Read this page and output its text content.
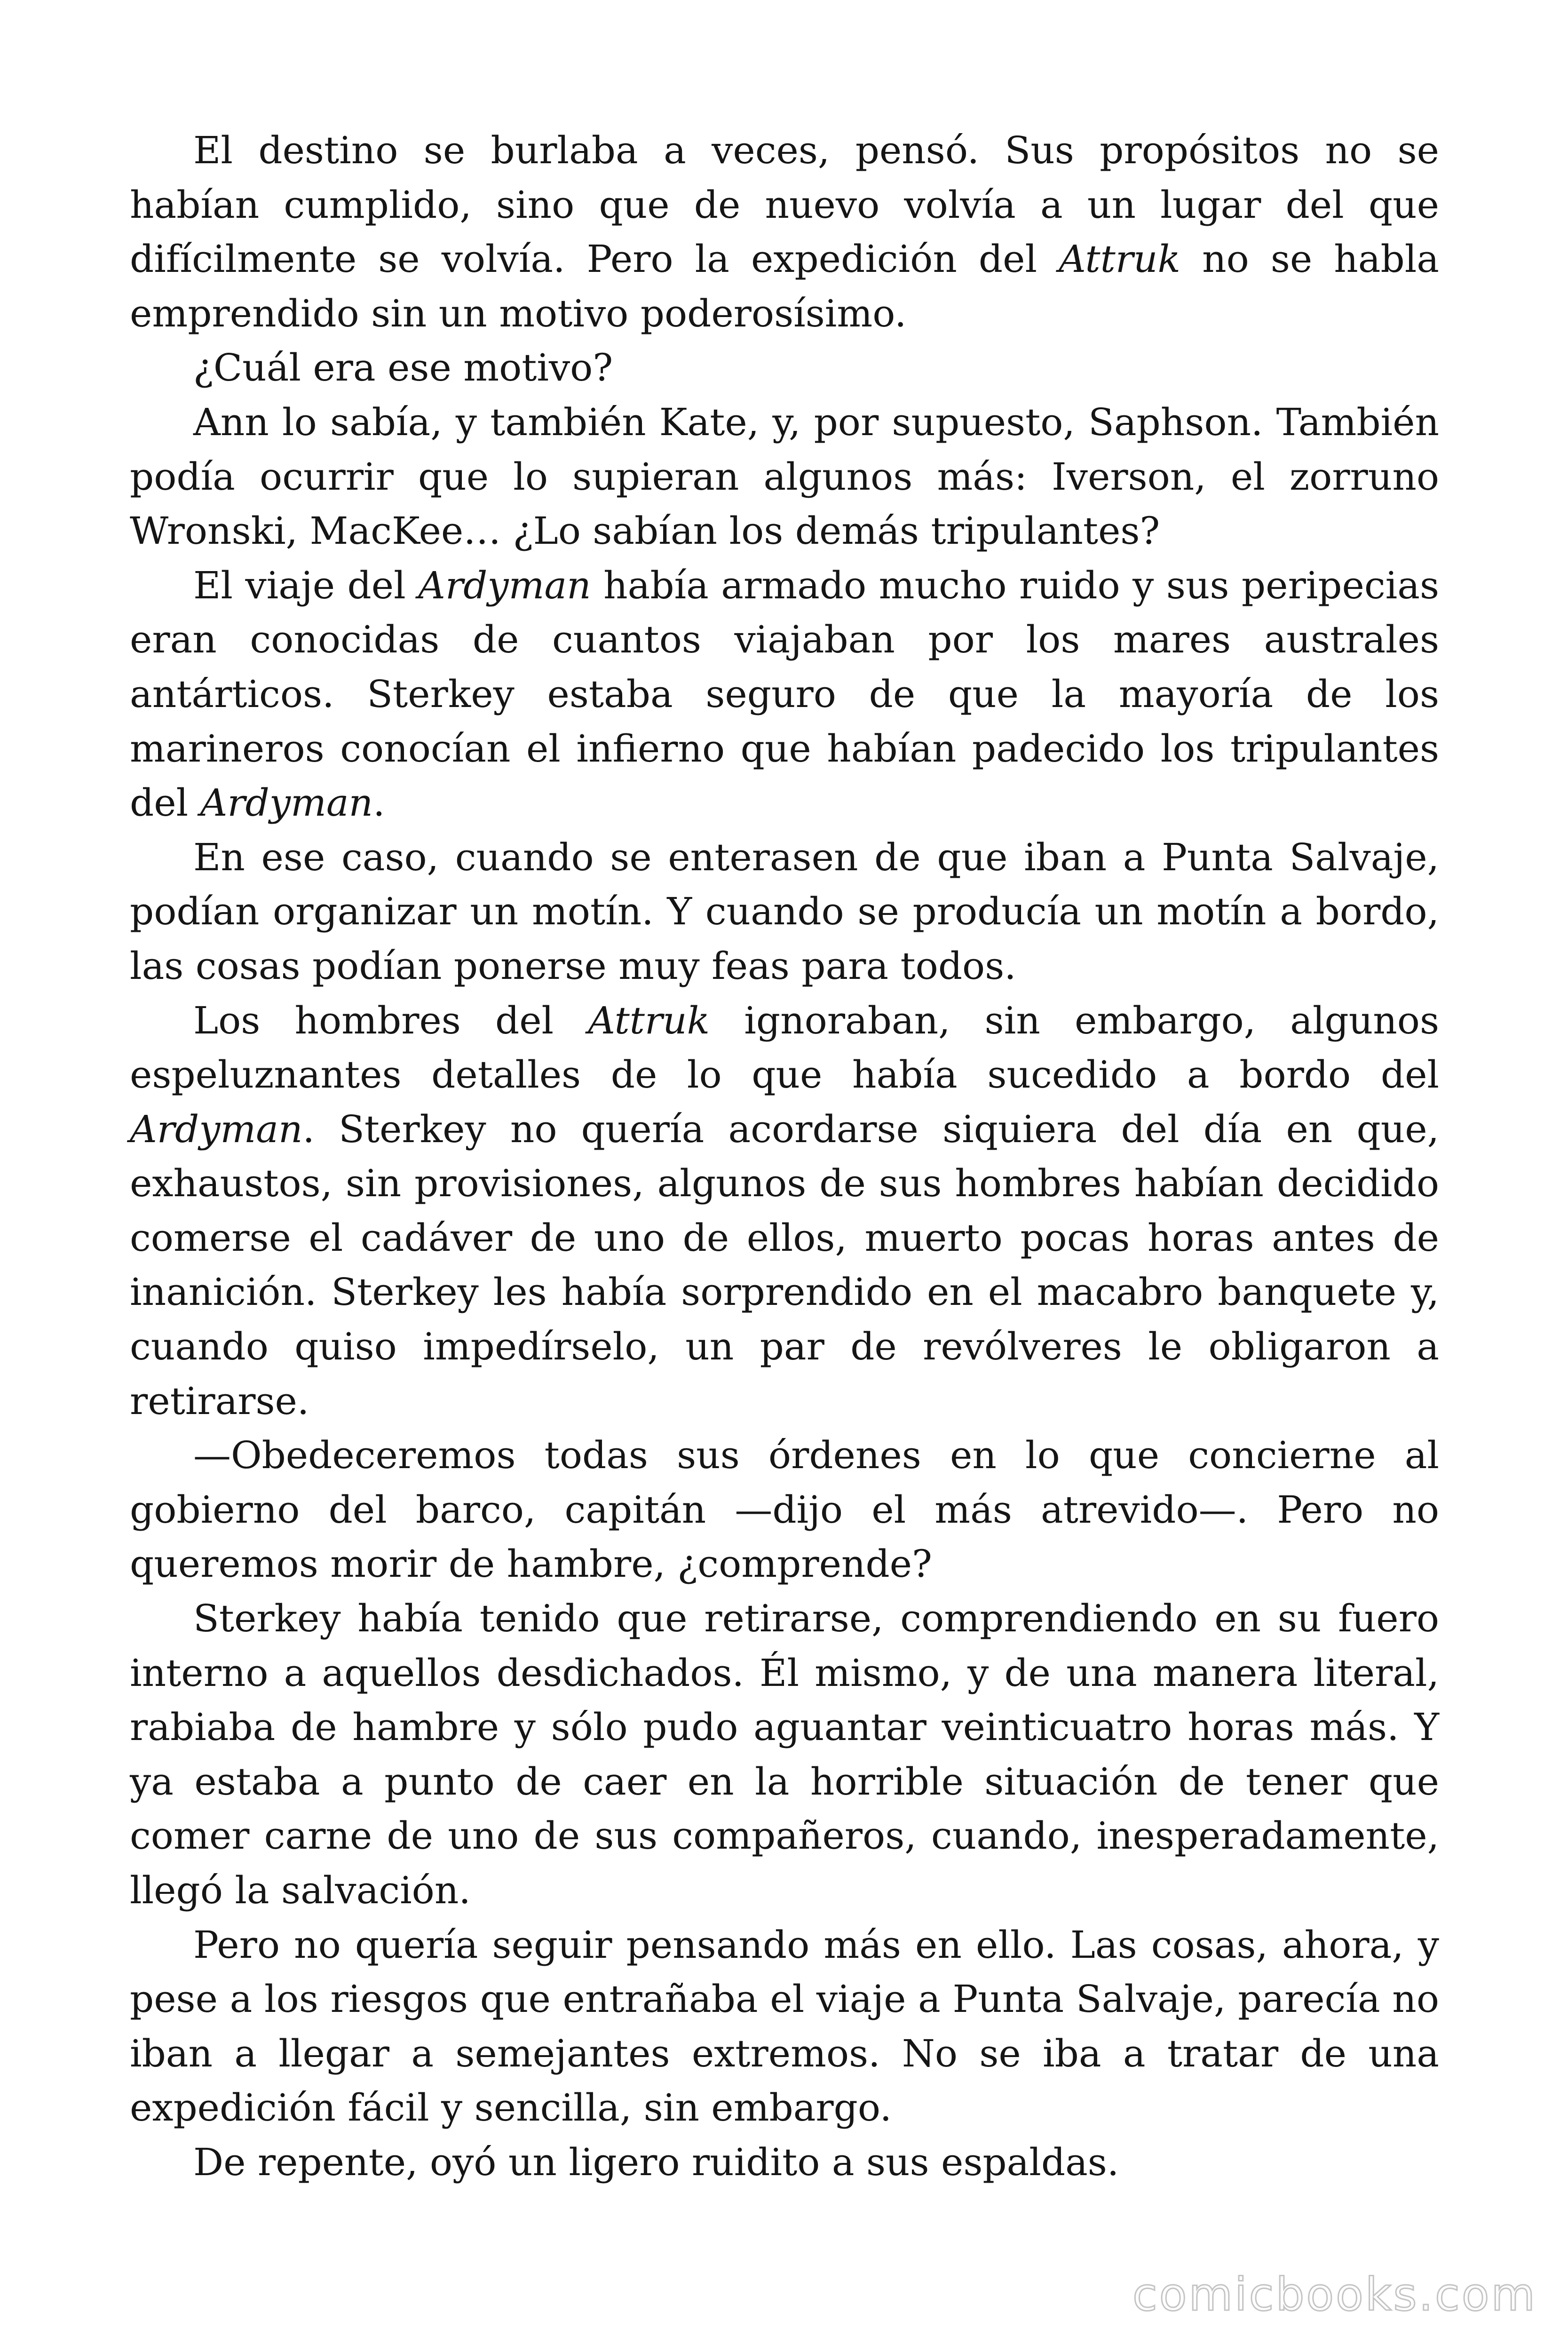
El destino se burlaba a veces, pensó. Sus propósitos no se habían cumplido, sino que de nuevo volvía a un lugar del que difícilmente se volvía. Pero la expedición del Attruk no se habla emprendido sin un motivo poderosísimo.

¿Cuál era ese motivo?

Ann lo sabía, y también Kate, y, por supuesto, Saphson. También podía ocurrir que lo supieran algunos más: Iverson, el zorruno Wronski, MacKee… ¿Lo sabían los demás tripulantes?

El viaje del Ardyman había armado mucho ruido y sus peripecias eran conocidas de cuantos viajaban por los mares australes antárticos. Sterkey estaba seguro de que la mayoría de los marineros conocían el infierno que habían padecido los tripulantes del Ardyman.

En ese caso, cuando se enterasen de que iban a Punta Salvaje, podían organizar un motín. Y cuando se producía un motín a bordo, las cosas podían ponerse muy feas para todos.

Los hombres del Attruk ignoraban, sin embargo, algunos espeluznantes detalles de lo que había sucedido a bordo del Ardyman. Sterkey no quería acordarse siquiera del día en que, exhaustos, sin provisiones, algunos de sus hombres habían decidido comerse el cadáver de uno de ellos, muerto pocas horas antes de inanición. Sterkey les había sorprendido en el macabro banquete y, cuando quiso impedírselo, un par de revólveres le obligaron a retirarse.

—Obedeceremos todas sus órdenes en lo que concierne al gobierno del barco, capitán —dijo el más atrevido—. Pero no queremos morir de hambre, ¿comprende?

Sterkey había tenido que retirarse, comprendiendo en su fuero interno a aquellos desdichados. Él mismo, y de una manera literal, rabiaba de hambre y sólo pudo aguantar veinticuatro horas más. Y ya estaba a punto de caer en la horrible situación de tener que comer carne de uno de sus compañeros, cuando, inesperadamente, llegó la salvación.

Pero no quería seguir pensando más en ello. Las cosas, ahora, y pese a los riesgos que entrañaba el viaje a Punta Salvaje, parecía no iban a llegar a semejantes extremos. No se iba a tratar de una expedición fácil y sencilla, sin embargo.

De repente, oyó un ligero ruidito a sus espaldas.

comicbooks.com
